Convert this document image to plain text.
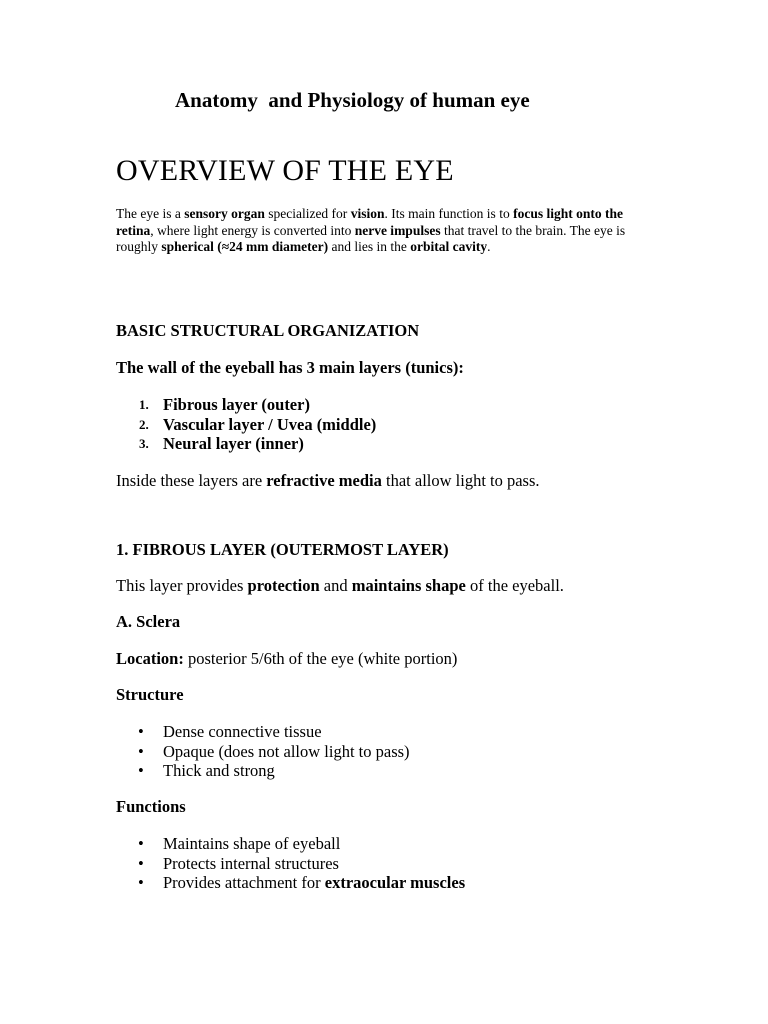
Anatomy  and Physiology of human eye

OVERVIEW OF THE EYE

The eye is a sensory organ specialized for vision. Its main function is to focus light onto the retina, where light energy is converted into nerve impulses that travel to the brain. The eye is roughly spherical (≈24 mm diameter) and lies in the orbital cavity.

BASIC STRUCTURAL ORGANIZATION

The wall of the eyeball has 3 main layers (tunics):

1. Fibrous layer (outer)
2. Vascular layer / Uvea (middle)
3. Neural layer (inner)

Inside these layers are refractive media that allow light to pass.

1. FIBROUS LAYER (OUTERMOST LAYER)

This layer provides protection and maintains shape of the eyeball.

A. Sclera

Location: posterior 5/6th of the eye (white portion)

Structure

•	Dense connective tissue
•	Opaque (does not allow light to pass)
•	Thick and strong

Functions

•	Maintains shape of eyeball
•	Protects internal structures
•	Provides attachment for extraocular muscles
